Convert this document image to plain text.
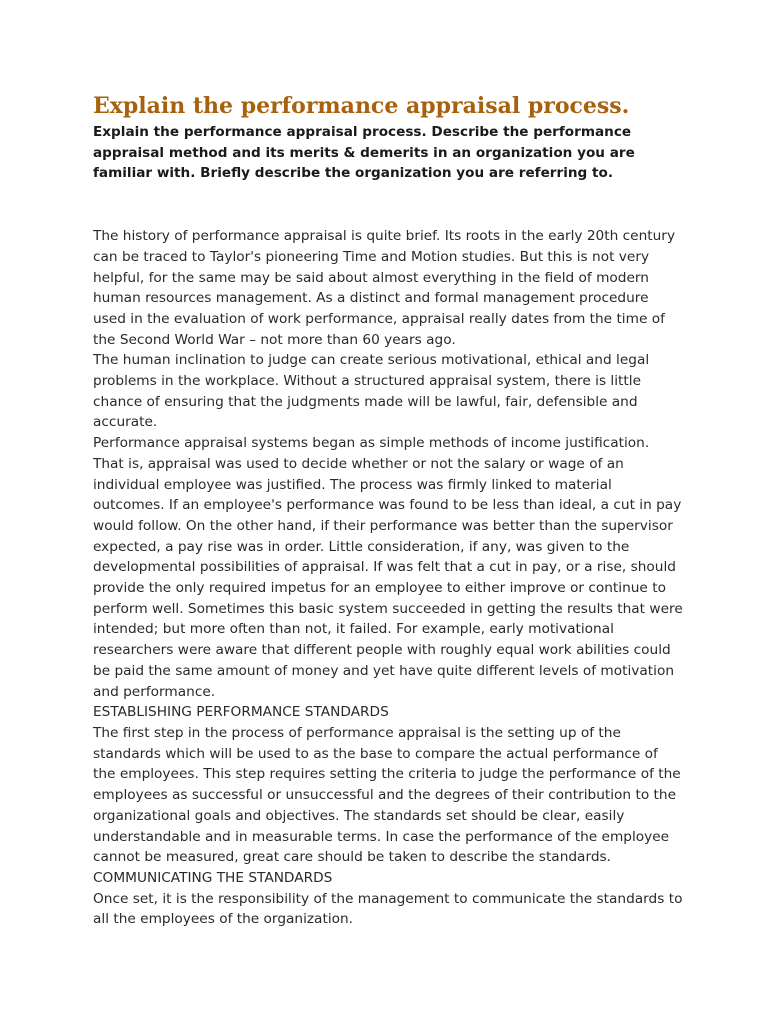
Explain the performance appraisal process.

Explain the performance appraisal process. Describe the performance appraisal method and its merits & demerits in an organization you are familiar with. Briefly describe the organization you are referring to.

The history of performance appraisal is quite brief. Its roots in the early 20th century can be traced to Taylor's pioneering Time and Motion studies. But this is not very helpful, for the same may be said about almost everything in the field of modern human resources management. As a distinct and formal management procedure used in the evaluation of work performance, appraisal really dates from the time of the Second World War – not more than 60 years ago.

The human inclination to judge can create serious motivational, ethical and legal problems in the workplace. Without a structured appraisal system, there is little chance of ensuring that the judgments made will be lawful, fair, defensible and accurate.

Performance appraisal systems began as simple methods of income justification. That is, appraisal was used to decide whether or not the salary or wage of an individual employee was justified. The process was firmly linked to material outcomes. If an employee's performance was found to be less than ideal, a cut in pay would follow. On the other hand, if their performance was better than the supervisor expected, a pay rise was in order. Little consideration, if any, was given to the developmental possibilities of appraisal. If was felt that a cut in pay, or a rise, should provide the only required impetus for an employee to either improve or continue to perform well. Sometimes this basic system succeeded in getting the results that were intended; but more often than not, it failed. For example, early motivational researchers were aware that different people with roughly equal work abilities could be paid the same amount of money and yet have quite different levels of motivation and performance.

ESTABLISHING PERFORMANCE STANDARDS

The first step in the process of performance appraisal is the setting up of the standards which will be used to as the base to compare the actual performance of the employees. This step requires setting the criteria to judge the performance of the employees as successful or unsuccessful and the degrees of their contribution to the organizational goals and objectives. The standards set should be clear, easily understandable and in measurable terms. In case the performance of the employee cannot be measured, great care should be taken to describe the standards.

COMMUNICATING THE STANDARDS

Once set, it is the responsibility of the management to communicate the standards to all the employees of the organization.
